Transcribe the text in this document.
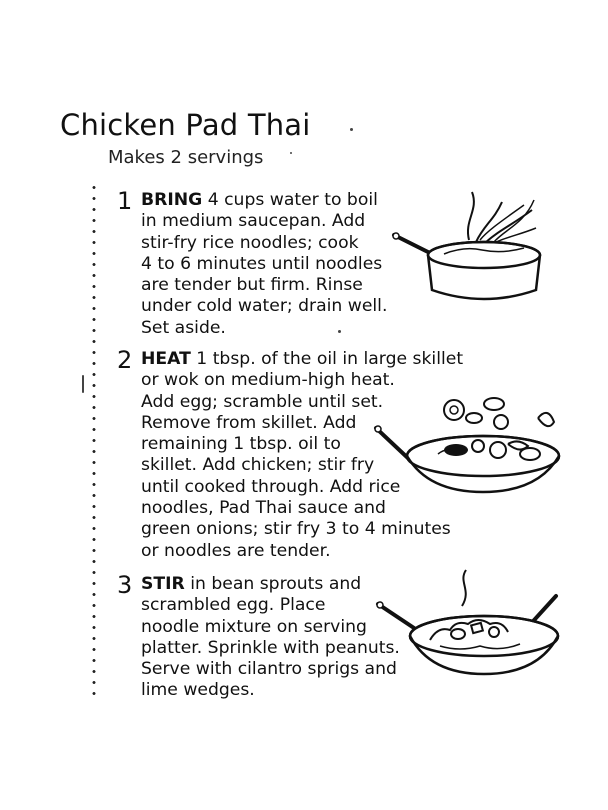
Chicken Pad Thai
Makes 2 servings
1 BRING 4 cups water to boil
in medium saucepan. Add
stir-fry rice noodles; cook
4 to 6 minutes until noodles
are tender but firm. Rinse
under cold water; drain well.
Set aside.
2 HEAT 1 tbsp. of the oil in large skillet
or wok on medium-high heat.
Add egg; scramble until set.
Remove from skillet. Add
remaining 1 tbsp. oil to
skillet. Add chicken; stir fry
until cooked through. Add rice
noodles, Pad Thai sauce and
green onions; stir fry 3 to 4 minutes
or noodles are tender.
3 STIR in bean sprouts and
scrambled egg. Place
noodle mixture on serving
platter. Sprinkle with peanuts.
Serve with cilantro sprigs and
lime wedges.
